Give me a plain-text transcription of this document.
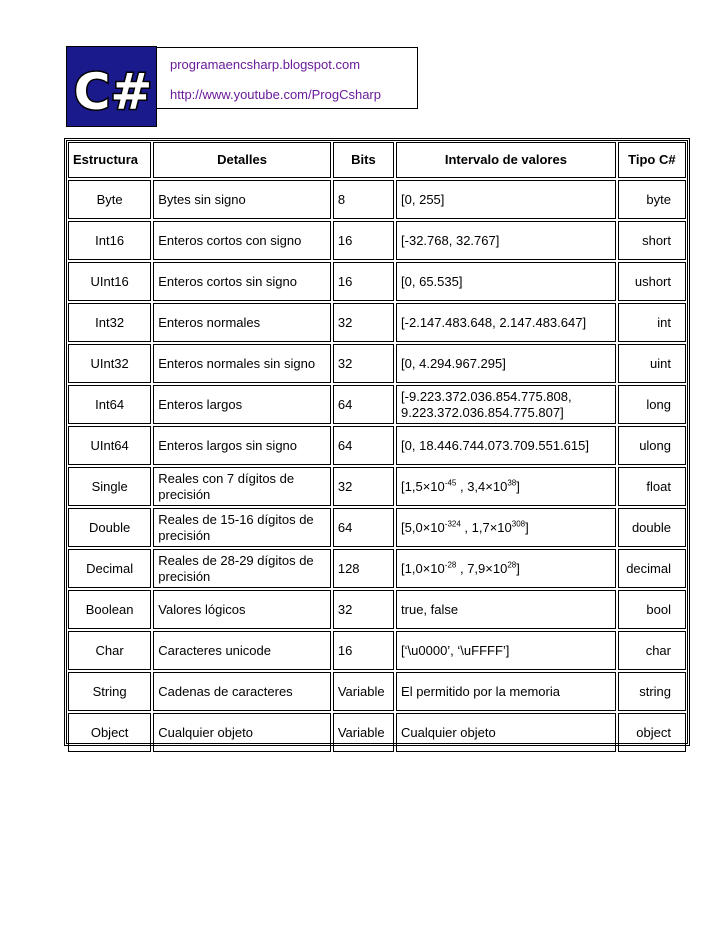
C# programaencsharp.blogspot.com
http://www.youtube.com/ProgCsharp
Estructura	Detalles	Bits	Intervalo de valores	Tipo C#
Byte	Bytes sin signo	8	[0, 255]	byte
Int16	Enteros cortos con signo	16	[-32.768, 32.767]	short
UInt16	Enteros cortos sin signo	16	[0, 65.535]	ushort
Int32	Enteros normales	32	[-2.147.483.648, 2.147.483.647]	int
UInt32	Enteros normales sin signo	32	[0, 4.294.967.295]	uint
Int64	Enteros largos	64	[-9.223.372.036.854.775.808, 9.223.372.036.854.775.807]	long
UInt64	Enteros largos sin signo	64	[0, 18.446.744.073.709.551.615]	ulong
Single	Reales con 7 dígitos de precisión	32	[$1,5\times 10^{-45}$ , $3,4\times 10^{38}$]	float
Double	Reales de 15-16 dígitos de precisión	64	[$5,0\times 10^{-324}$ , $1,7\times 10^{308}$]	double
Decimal	Reales de 28-29 dígitos de precisión	128	[$1,0\times 10^{-28}$ , $7,9\times 10^{28}$]	decimal
Boolean	Valores lógicos	32	true, false	bool
Char	Caracteres unicode	16	[‘\u0000’, ‘\uFFFF’]	char
String	Cadenas de caracteres	Variable	El permitido por la memoria	string
Object	Cualquier objeto	Variable	Cualquier objeto	object
